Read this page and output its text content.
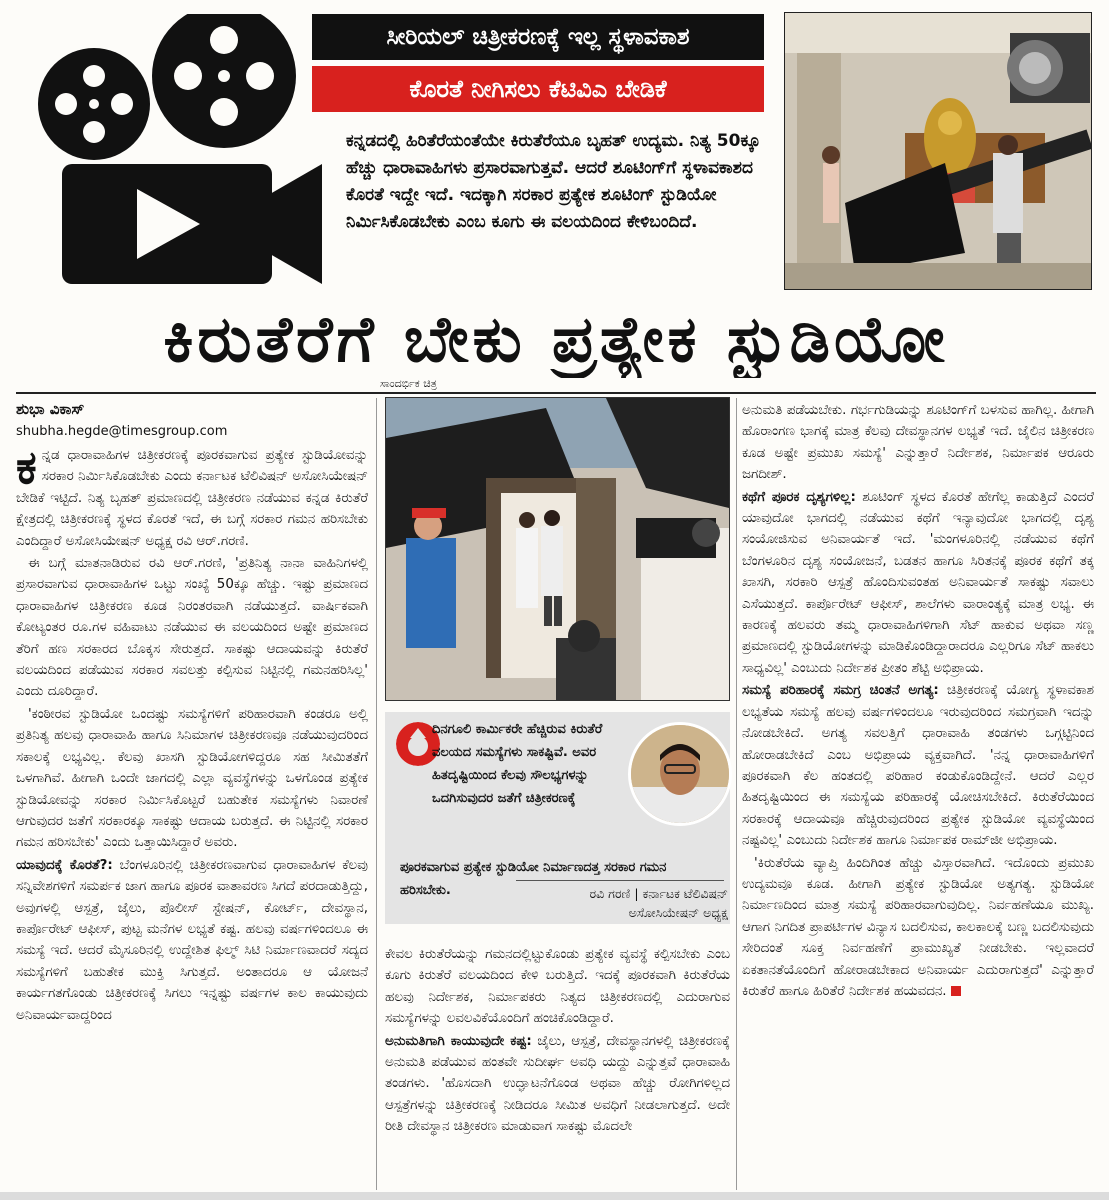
ಸೀರಿಯಲ್ ಚಿತ್ರೀಕರಣಕ್ಕೆ ಇಲ್ಲ ಸ್ಥಳಾವಕಾಶ
ಕೊರತೆ ನೀಗಿಸಲು ಕೆಟಿವಿಎ ಬೇಡಿಕೆ

ಕನ್ನಡದಲ್ಲಿ ಹಿರಿತೆರೆಯಂತೆಯೇ ಕಿರುತೆರೆಯೂ ಬೃಹತ್ ಉದ್ಯಮ. ನಿತ್ಯ 50ಕ್ಕೂ ಹೆಚ್ಚು ಧಾರಾವಾಹಿಗಳು ಪ್ರಸಾರವಾಗುತ್ತವೆ. ಆದರೆ ಶೂಟಿಂಗ್‌ಗೆ ಸ್ಥಳಾವಕಾಶದ ಕೊರತೆ ಇದ್ದೇ ಇದೆ. ಇದಕ್ಕಾಗಿ ಸರಕಾರ ಪ್ರತ್ಯೇಕ ಶೂಟಿಂಗ್ ಸ್ಟುಡಿಯೋ ನಿರ್ಮಿಸಿಕೊಡಬೇಕು ಎಂಬ ಕೂಗು ಈ ವಲಯದಿಂದ ಕೇಳಿಬಂದಿದೆ.

ಕಿರುತೆರೆಗೆ ಬೇಕು ಪ್ರತ್ಯೇಕ ಸ್ಟುಡಿಯೋ
ಸಾಂದರ್ಭಿಕ ಚಿತ್ರ
ಶುಭಾ ವಿಕಾಸ್
shubha.hegde@timesgroup.com

ಕನ್ನಡ ಧಾರಾವಾಹಿಗಳ ಚಿತ್ರೀಕರಣಕ್ಕೆ ಪೂರಕವಾಗುವ ಪ್ರತ್ಯೇಕ ಸ್ಟುಡಿಯೋವನ್ನು ಸರಕಾರ ನಿರ್ಮಿಸಿಕೊಡಬೇಕು ಎಂದು ಕರ್ನಾಟಕ ಟೆಲಿವಿಷನ್ ಅಸೋಸಿಯೇಷನ್ ಬೇಡಿಕೆ ಇಟ್ಟಿದೆ. ನಿತ್ಯ ಬೃಹತ್ ಪ್ರಮಾಣದಲ್ಲಿ ಚಿತ್ರೀಕರಣ ನಡೆಯುವ ಕನ್ನಡ ಕಿರುತೆರೆ ಕ್ಷೇತ್ರದಲ್ಲಿ ಚಿತ್ರೀಕರಣಕ್ಕೆ ಸ್ಥಳದ ಕೊರತೆ ಇದೆ, ಈ ಬಗ್ಗೆ ಸರಕಾರ ಗಮನ ಹರಿಸಬೇಕು ಎಂದಿದ್ದಾರೆ ಅಸೋಸಿಯೇಷನ್ ಅಧ್ಯಕ್ಷ ರವಿ ಆರ್.ಗರಣಿ.

ಈ ಬಗ್ಗೆ ಮಾತನಾಡಿರುವ ರವಿ ಆರ್.ಗರಣಿ, 'ಪ್ರತಿನಿತ್ಯ ನಾನಾ ವಾಹಿನಿಗಳಲ್ಲಿ ಪ್ರಸಾರವಾಗುವ ಧಾರಾವಾಹಿಗಳ ಒಟ್ಟು ಸಂಖ್ಯೆ 50ಕ್ಕೂ ಹೆಚ್ಚು. ಇಷ್ಟು ಪ್ರಮಾಣದ ಧಾರಾವಾಹಿಗಳ ಚಿತ್ರೀಕರಣ ಕೂಡ ನಿರಂತರವಾಗಿ ನಡೆಯುತ್ತದೆ. ವಾರ್ಷಿಕವಾಗಿ ಕೋಟ್ಯಂತರ ರೂ.ಗಳ ವಹಿವಾಟು ನಡೆಯುವ ಈ ವಲಯದಿಂದ ಅಷ್ಟೇ ಪ್ರಮಾಣದ ತೆರಿಗೆ ಹಣ ಸರಕಾರದ ಬೊಕ್ಕಸ ಸೇರುತ್ತದೆ. ಸಾಕಷ್ಟು ಆದಾಯವನ್ನು ಕಿರುತೆರೆ ವಲಯದಿಂದ ಪಡೆಯುವ ಸರಕಾರ ಸವಲತ್ತು ಕಲ್ಪಿಸುವ ನಿಟ್ಟಿನಲ್ಲಿ ಗಮನಹರಿಸಿಲ್ಲ' ಎಂದು ದೂರಿದ್ದಾರೆ.

'ಕಂಠೀರವ ಸ್ಟುಡಿಯೋ ಒಂದಷ್ಟು ಸಮಸ್ಯೆಗಳಿಗೆ ಪರಿಹಾರವಾಗಿ ಕಂಡರೂ ಅಲ್ಲಿ ಪ್ರತಿನಿತ್ಯ ಹಲವು ಧಾರಾವಾಹಿ ಹಾಗೂ ಸಿನಿಮಾಗಳ ಚಿತ್ರೀಕರಣವೂ ನಡೆಯುವುದರಿಂದ ಸಕಾಲಕ್ಕೆ ಲಭ್ಯವಿಲ್ಲ. ಕೆಲವು ಖಾಸಗಿ ಸ್ಟುಡಿಯೋಗಳಿದ್ದರೂ ಸಹ ಸೀಮಿತತೆಗೆ ಒಳಗಾಗಿವೆ. ಹೀಗಾಗಿ ಒಂದೇ ಜಾಗದಲ್ಲಿ ಎಲ್ಲಾ ವ್ಯವಸ್ಥೆಗಳನ್ನು ಒಳಗೊಂಡ ಪ್ರತ್ಯೇಕ ಸ್ಟುಡಿಯೋವನ್ನು ಸರಕಾರ ನಿರ್ಮಿಸಿಕೊಟ್ಟರೆ ಬಹುತೇಕ ಸಮಸ್ಯೆಗಳು ನಿವಾರಣೆ ಆಗುವುದರ ಜತೆಗೆ ಸರಕಾರಕ್ಕೂ ಸಾಕಷ್ಟು ಆದಾಯ ಬರುತ್ತದೆ. ಈ ನಿಟ್ಟಿನಲ್ಲಿ ಸರಕಾರ ಗಮನ ಹರಿಸಬೇಕು' ಎಂದು ಒತ್ತಾಯಿಸಿದ್ದಾರೆ ಅವರು.

ಯಾವುದಕ್ಕೆ ಕೊರತೆ?: ಬೆಂಗಳೂರಿನಲ್ಲಿ ಚಿತ್ರೀಕರಣವಾಗುವ ಧಾರಾವಾಹಿಗಳ ಕೆಲವು ಸನ್ನಿವೇಶಗಳಿಗೆ ಸಮರ್ಪಕ ಜಾಗ ಹಾಗೂ ಪೂರಕ ವಾತಾವರಣ ಸಿಗದೆ ಪರದಾಡುತ್ತಿದ್ದು, ಅವುಗಳಲ್ಲಿ ಆಸ್ಪತ್ರೆ, ಜೈಲು, ಪೊಲೀಸ್ ಸ್ಟೇಷನ್, ಕೋರ್ಟ್, ದೇವಸ್ಥಾನ, ಕಾರ್ಪೊರೇಟ್ ಆಫೀಸ್, ಪುಟ್ಟ ಮನೆಗಳ ಲಭ್ಯತೆ ಕಷ್ಟ. ಹಲವು ವರ್ಷಗಳಿಂದಲೂ ಈ ಸಮಸ್ಯೆ ಇದೆ. ಆದರೆ ಮೈಸೂರಿನಲ್ಲಿ ಉದ್ದೇಶಿತ ಫಿಲ್ಮ್ ಸಿಟಿ ನಿರ್ಮಾಣವಾದರೆ ಸದ್ಯದ ಸಮಸ್ಯೆಗಳಿಗೆ ಬಹುತೇಕ ಮುಕ್ತಿ ಸಿಗುತ್ತದೆ. ಅಂತಾದರೂ ಆ ಯೋಜನೆ ಕಾರ್ಯಗತಗೊಂಡು ಚಿತ್ರೀಕರಣಕ್ಕೆ ಸಿಗಲು ಇನ್ನಷ್ಟು ವರ್ಷಗಳ ಕಾಲ ಕಾಯುವುದು ಅನಿವಾರ್ಯವಾದ್ದರಿಂದ

ದಿನಗೂಲಿ ಕಾರ್ಮಿಕರೇ ಹೆಚ್ಚಿರುವ ಕಿರುತೆರೆ ವಲಯದ ಸಮಸ್ಯೆಗಳು ಸಾಕಷ್ಟಿವೆ. ಅವರ ಹಿತದೃಷ್ಟಿಯಿಂದ ಕೆಲವು ಸೌಲಭ್ಯಗಳನ್ನು ಒದಗಿಸುವುದರ ಜತೆಗೆ ಚಿತ್ರೀಕರಣಕ್ಕೆ
ಪೂರಕವಾಗುವ ಪ್ರತ್ಯೇಕ ಸ್ಟುಡಿಯೋ ನಿರ್ಮಾಣದತ್ತ ಸರಕಾರ ಗಮನ ಹರಿಸಬೇಕು.	ರವಿ ಗರಣಿ | ಕರ್ನಾಟಕ ಟೆಲಿವಿಷನ್ ಅಸೋಸಿಯೇಷನ್ ಅಧ್ಯಕ್ಷ

ಕೇವಲ ಕಿರುತೆರೆಯನ್ನು ಗಮನದಲ್ಲಿಟ್ಟುಕೊಂಡು ಪ್ರತ್ಯೇಕ ವ್ಯವಸ್ಥೆ ಕಲ್ಪಿಸಬೇಕು ಎಂಬ ಕೂಗು ಕಿರುತೆರೆ ವಲಯದಿಂದ ಕೇಳಿ ಬರುತ್ತಿದೆ. ಇದಕ್ಕೆ ಪೂರಕವಾಗಿ ಕಿರುತೆರೆಯ ಹಲವು ನಿರ್ದೇಶಕ, ನಿರ್ಮಾಪಕರು ನಿತ್ಯದ ಚಿತ್ರೀಕರಣದಲ್ಲಿ ಎದುರಾಗುವ ಸಮಸ್ಯೆಗಳನ್ನು ಲವಲವಿಕೆಯೊಂದಿಗೆ ಹಂಚಿಕೊಂಡಿದ್ದಾರೆ.

ಅನುಮತಿಗಾಗಿ ಕಾಯುವುದೇ ಕಷ್ಟ: ಜೈಲು, ಆಸ್ಪತ್ರೆ, ದೇವಸ್ಥಾನಗಳಲ್ಲಿ ಚಿತ್ರೀಕರಣಕ್ಕೆ ಅನುಮತಿ ಪಡೆಯುವ ಹಂತವೇ ಸುದೀರ್ಘ ಅವಧಿ ಯದ್ದು ಎನ್ನುತ್ತವೆ ಧಾರಾವಾಹಿ ತಂಡಗಳು. 'ಹೊಸದಾಗಿ ಉದ್ಘಾಟನೆಗೊಂಡ ಅಥವಾ ಹೆಚ್ಚು ರೋಗಿಗಳಿಲ್ಲದ ಆಸ್ಪತ್ರೆಗಳನ್ನು ಚಿತ್ರೀಕರಣಕ್ಕೆ ನೀಡಿದರೂ ಸೀಮಿತ ಅವಧಿಗೆ ನೀಡಲಾಗುತ್ತದೆ. ಅದೇ ರೀತಿ ದೇವಸ್ಥಾನ ಚಿತ್ರೀಕರಣ ಮಾಡುವಾಗ ಸಾಕಷ್ಟು ಮೊದಲೇ

ಅನುಮತಿ ಪಡೆಯಬೇಕು. ಗರ್ಭಗುಡಿಯನ್ನು ಶೂಟಿಂಗ್‌ಗೆ ಬಳಸುವ ಹಾಗಿಲ್ಲ. ಹೀಗಾಗಿ ಹೊರಾಂಗಣ ಭಾಗಕ್ಕೆ ಮಾತ್ರ ಕೆಲವು ದೇವಸ್ಥಾನಗಳ ಲಭ್ಯತೆ ಇದೆ. ಜೈಲಿನ ಚಿತ್ರೀಕರಣ ಕೂಡ ಅಷ್ಟೇ ಪ್ರಮುಖ ಸಮಸ್ಯೆ' ಎನ್ನುತ್ತಾರೆ ನಿರ್ದೇಶಕ, ನಿರ್ಮಾಪಕ ಆರೂರು ಜಗದೀಶ್.

ಕಥೆಗೆ ಪೂರಕ ದೃಶ್ಯಗಳಿಲ್ಲ: ಶೂಟಿಂಗ್ ಸ್ಥಳದ ಕೊರತೆ ಹೇಗೆಲ್ಲ ಕಾಡುತ್ತಿದೆ ಎಂದರೆ ಯಾವುದೋ ಭಾಗದಲ್ಲಿ ನಡೆಯುವ ಕಥೆಗೆ ಇನ್ಯಾವುದೋ ಭಾಗದಲ್ಲಿ ದೃಶ್ಯ ಸಂಯೋಜಿಸುವ ಅನಿವಾರ್ಯತೆ ಇದೆ. 'ಮಂಗಳೂರಿನಲ್ಲಿ ನಡೆಯುವ ಕಥೆಗೆ ಬೆಂಗಳೂರಿನ ದೃಶ್ಯ ಸಂಯೋಜನೆ, ಬಡತನ ಹಾಗೂ ಸಿರಿತನಕ್ಕೆ ಪೂರಕ ಕಥೆಗೆ ತಕ್ಕ ಖಾಸಗಿ, ಸರಕಾರಿ ಆಸ್ಪತ್ರೆ ಹೊಂದಿಸುವಂತಹ ಅನಿವಾರ್ಯತೆ ಸಾಕಷ್ಟು ಸವಾಲು ಎಸೆಯುತ್ತದೆ. ಕಾರ್ಪೊರೇಟ್ ಆಫೀಸ್, ಶಾಲೆಗಳು ವಾರಾಂತ್ಯಕ್ಕೆ ಮಾತ್ರ ಲಭ್ಯ. ಈ ಕಾರಣಕ್ಕೆ ಹಲವರು ತಮ್ಮ ಧಾರಾವಾಹಿಗಳಿಗಾಗಿ ಸೆಟ್ ಹಾಕುವ ಅಥವಾ ಸಣ್ಣ ಪ್ರಮಾಣದಲ್ಲಿ ಸ್ಟುಡಿಯೋಗಳನ್ನು ಮಾಡಿಕೊಂಡಿದ್ದಾರಾದರೂ ಎಲ್ಲರಿಗೂ ಸೆಟ್ ಹಾಕಲು ಸಾಧ್ಯವಿಲ್ಲ' ಎಂಬುದು ನಿರ್ದೇಶಕ ಪ್ರೀತಂ ಶೆಟ್ಟಿ ಅಭಿಪ್ರಾಯ.

ಸಮಸ್ಯೆ ಪರಿಹಾರಕ್ಕೆ ಸಮಗ್ರ ಚಿಂತನೆ ಅಗತ್ಯ: ಚಿತ್ರೀಕರಣಕ್ಕೆ ಯೋಗ್ಯ ಸ್ಥಳಾವಕಾಶ ಲಭ್ಯತೆಯ ಸಮಸ್ಯೆ ಹಲವು ವರ್ಷಗಳಿಂದಲೂ ಇರುವುದರಿಂದ ಸಮಗ್ರವಾಗಿ ಇದನ್ನು ನೋಡಬೇಕಿದೆ. ಅಗತ್ಯ ಸವಲತ್ತಿಗೆ ಧಾರಾವಾಹಿ ತಂಡಗಳು ಒಗ್ಗಟ್ಟಿನಿಂದ ಹೋರಾಡಬೇಕಿದೆ ಎಂಬ ಅಭಿಪ್ರಾಯ ವ್ಯಕ್ತವಾಗಿದೆ. 'ನನ್ನ ಧಾರಾವಾಹಿಗಳಿಗೆ ಪೂರಕವಾಗಿ ಕೆಲ ಹಂತದಲ್ಲಿ ಪರಿಹಾರ ಕಂಡುಕೊಂಡಿದ್ದೇನೆ. ಆದರೆ ಎಲ್ಲರ ಹಿತದೃಷ್ಟಿಯಿಂದ ಈ ಸಮಸ್ಯೆಯ ಪರಿಹಾರಕ್ಕೆ ಯೋಚಿಸಬೇಕಿದೆ. ಕಿರುತೆರೆಯಿಂದ ಸರಕಾರಕ್ಕೆ ಆದಾಯವೂ ಹೆಚ್ಚಿರುವುದರಿಂದ ಪ್ರತ್ಯೇಕ ಸ್ಟುಡಿಯೋ ವ್ಯವಸ್ಥೆಯಿಂದ ನಷ್ಟವಿಲ್ಲ' ಎಂಬುದು ನಿರ್ದೇಶಕ ಹಾಗೂ ನಿರ್ಮಾಪಕ ರಾಮ್‌ಜೀ ಅಭಿಪ್ರಾಯ.

'ಕಿರುತೆರೆಯ ವ್ಯಾಪ್ತಿ ಹಿಂದಿಗಿಂತ ಹೆಚ್ಚು ವಿಸ್ತಾರವಾಗಿದೆ. ಇದೊಂದು ಪ್ರಮುಖ ಉದ್ಯಮವೂ ಕೂಡ. ಹೀಗಾಗಿ ಪ್ರತ್ಯೇಕ ಸ್ಟುಡಿಯೋ ಅತ್ಯಗತ್ಯ. ಸ್ಟುಡಿಯೋ ನಿರ್ಮಾಣದಿಂದ ಮಾತ್ರ ಸಮಸ್ಯೆ ಪರಿಹಾರವಾಗುವುದಿಲ್ಲ. ನಿರ್ವಹಣೆಯೂ ಮುಖ್ಯ. ಆಗಾಗ ನಿಗದಿತ ಪ್ರಾಪರ್ಟಿಗಳ ವಿನ್ಯಾಸ ಬದಲಿಸುವ, ಕಾಲಕಾಲಕ್ಕೆ ಬಣ್ಣ ಬದಲಿಸುವುದು ಸೇರಿದಂತೆ ಸೂಕ್ತ ನಿರ್ವಹಣೆಗೆ ಪ್ರಾಮುಖ್ಯತೆ ನೀಡಬೇಕು. ಇಲ್ಲವಾದರೆ ಏಕತಾನತೆಯೊಂದಿಗೆ ಹೋರಾಡಬೇಕಾದ ಅನಿವಾರ್ಯ ಎದುರಾಗುತ್ತದೆ' ಎನ್ನುತ್ತಾರೆ ಕಿರುತೆರೆ ಹಾಗೂ ಹಿರಿತೆರೆ ನಿರ್ದೇಶಕ ಹಯವದನ.
